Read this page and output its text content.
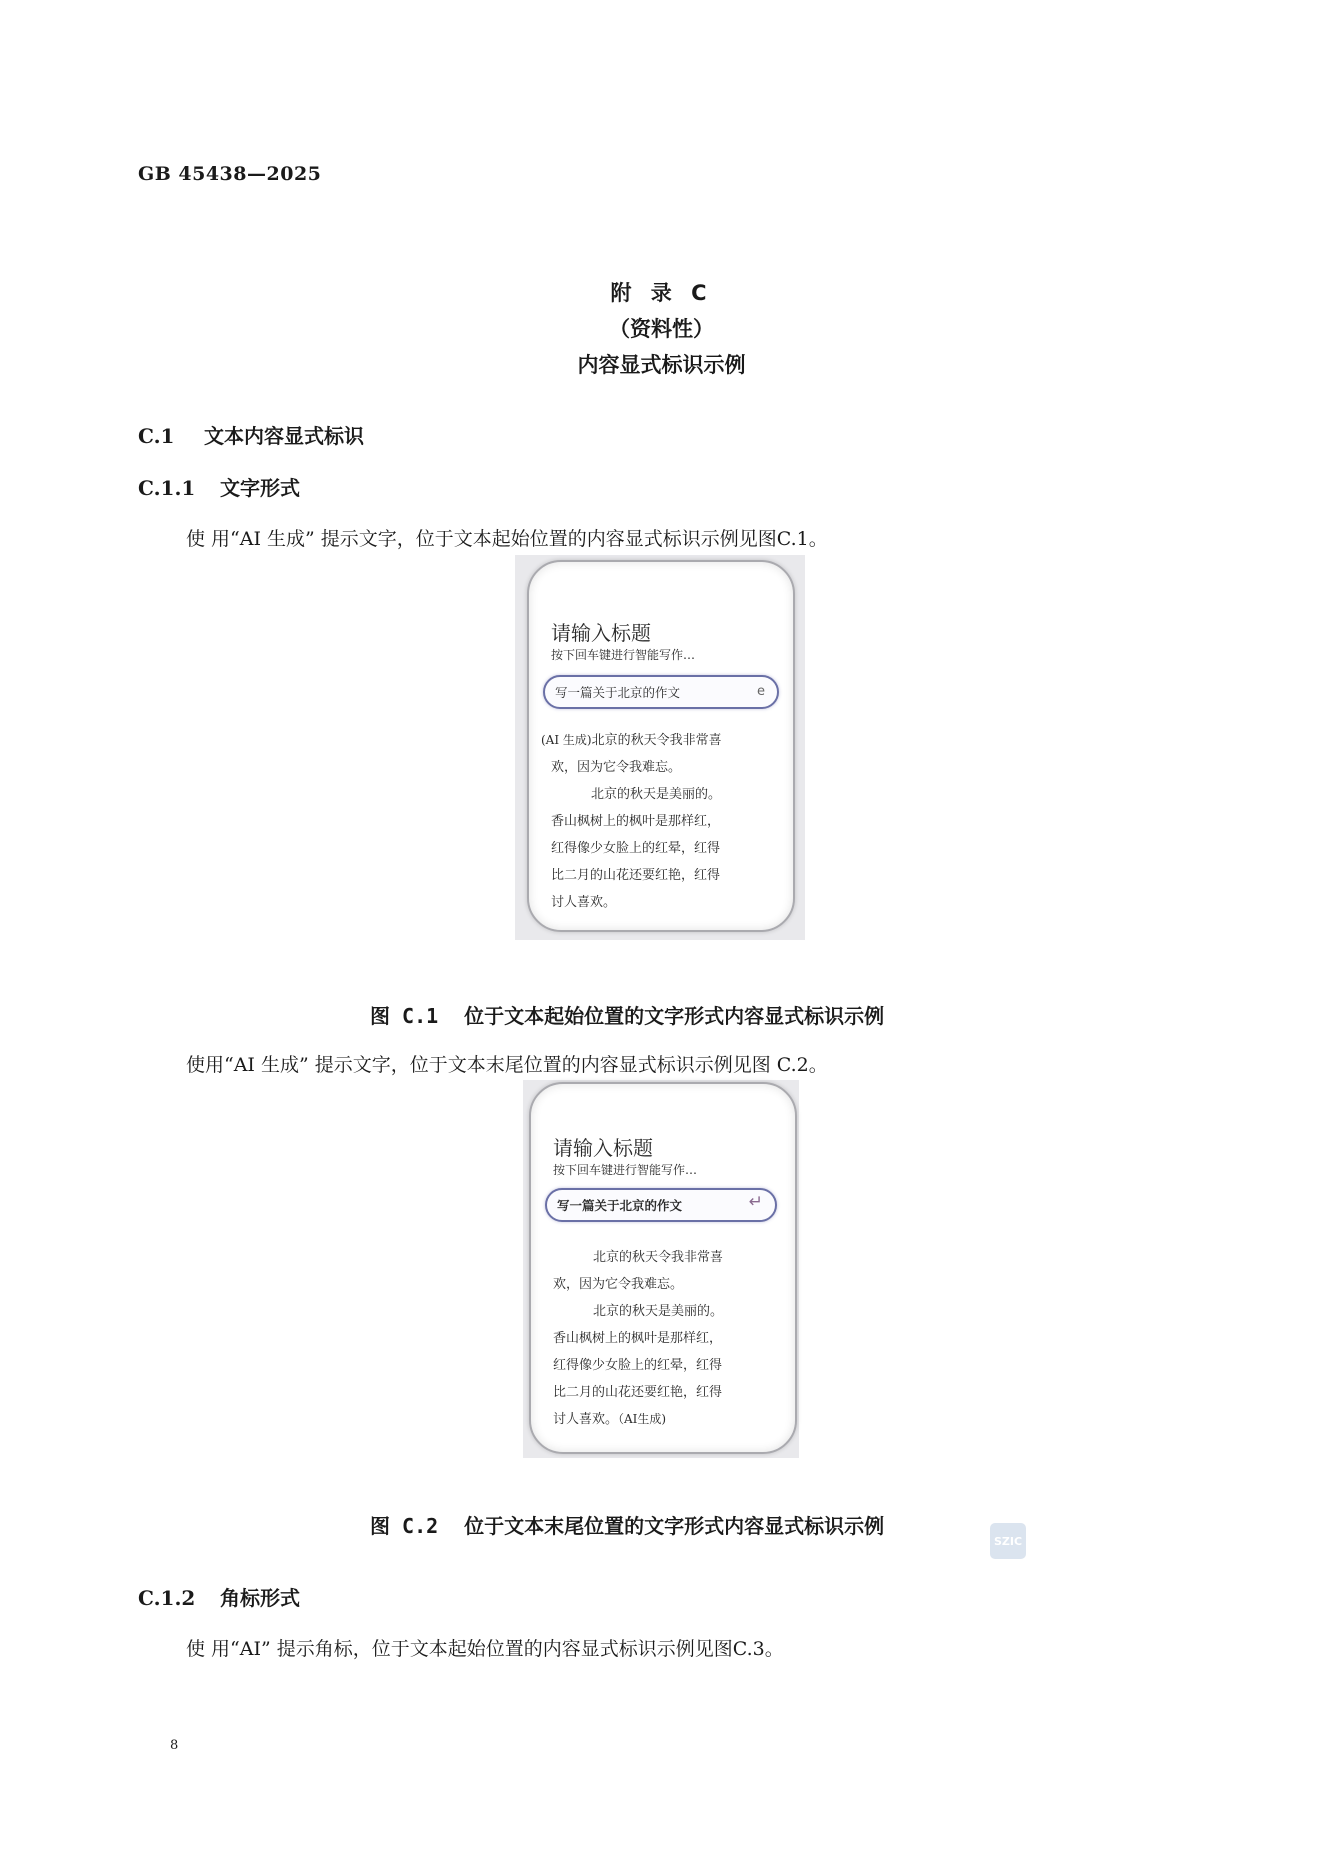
GB 45438—2025
附 录 C
（资料性）
内容显式标识示例
C.1 文本内容显式标识
C.1.1 文字形式
使 用“AI 生成” 提示文字，位于文本起始位置的内容显式标识示例见图C.1。
请输入标题
按下回车键进行智能写作…
写一篇关于北京的作文	e
(AI 生成)北京的秋天令我非常喜
欢，因为它令我难忘。
北京的秋天是美丽的。
香山枫树上的枫叶是那样红，
红得像少女脸上的红晕，红得
比二月的山花还要红艳，红得
讨人喜欢。
图 C.1 位于文本起始位置的文字形式内容显式标识示例
使用“AI 生成” 提示文字，位于文本末尾位置的内容显式标识示例见图 C.2。
请输入标题
按下回车键进行智能写作…
写一篇关于北京的作文	↵
北京的秋天令我非常喜
欢，因为它令我难忘。
北京的秋天是美丽的。
香山枫树上的枫叶是那样红，
红得像少女脸上的红晕，红得
比二月的山花还要红艳，红得
讨人喜欢。（AI生成)
图 C.2 位于文本末尾位置的文字形式内容显式标识示例
SZIC
C.1.2 角标形式
使 用“AI” 提示角标，位于文本起始位置的内容显式标识示例见图C.3。
8
